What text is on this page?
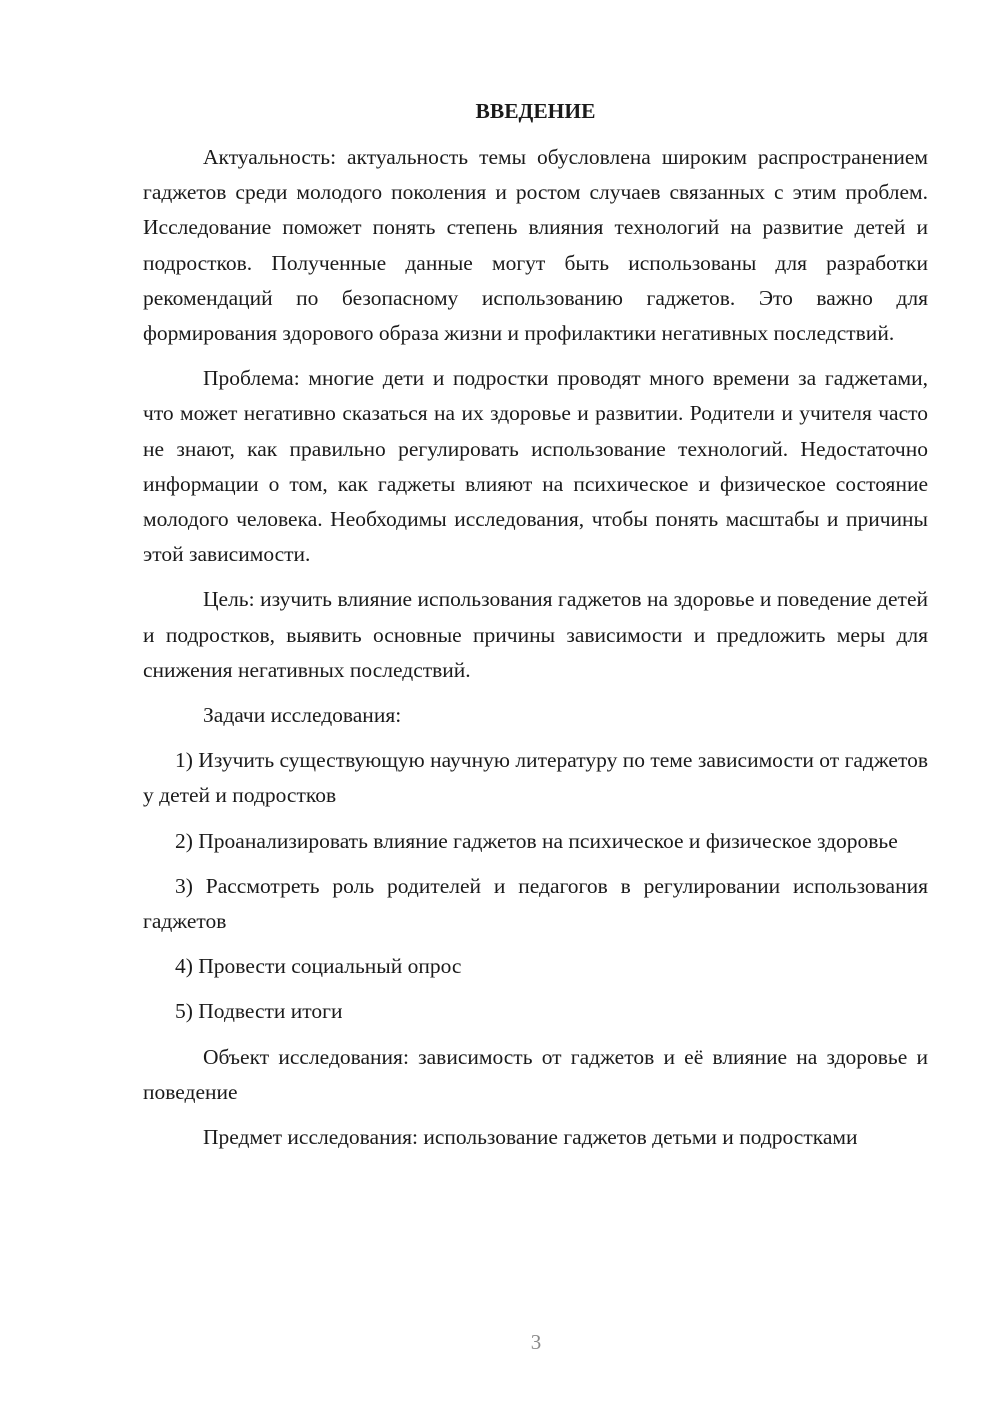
ВВЕДЕНИЕ

Актуальность: актуальность темы обусловлена широким распространением гаджетов среди молодого поколения и ростом случаев связанных с этим проблем. Исследование поможет понять степень влияния технологий на развитие детей и подростков. Полученные данные могут быть использованы для разработки рекомендаций по безопасному использованию гаджетов. Это важно для формирования здорового образа жизни и профилактики негативных последствий.

Проблема: многие дети и подростки проводят много времени за гаджетами, что может негативно сказаться на их здоровье и развитии. Родители и учителя часто не знают, как правильно регулировать использование технологий. Недостаточно информации о том, как гаджеты влияют на психическое и физическое состояние молодого человека. Необходимы исследования, чтобы понять масштабы и причины этой зависимости.

Цель: изучить влияние использования гаджетов на здоровье и поведение детей и подростков, выявить основные причины зависимости и предложить меры для снижения негативных последствий.

Задачи исследования:

1) Изучить существующую научную литературу по теме зависимости от гаджетов у детей и подростков

2) Проанализировать влияние гаджетов на психическое и физическое здоровье

3) Рассмотреть роль родителей и педагогов в регулировании использования гаджетов

4) Провести социальный опрос

5) Подвести итоги

Объект исследования: зависимость от гаджетов и её влияние на здоровье и поведение

Предмет исследования: использование гаджетов детьми и подростками

3
